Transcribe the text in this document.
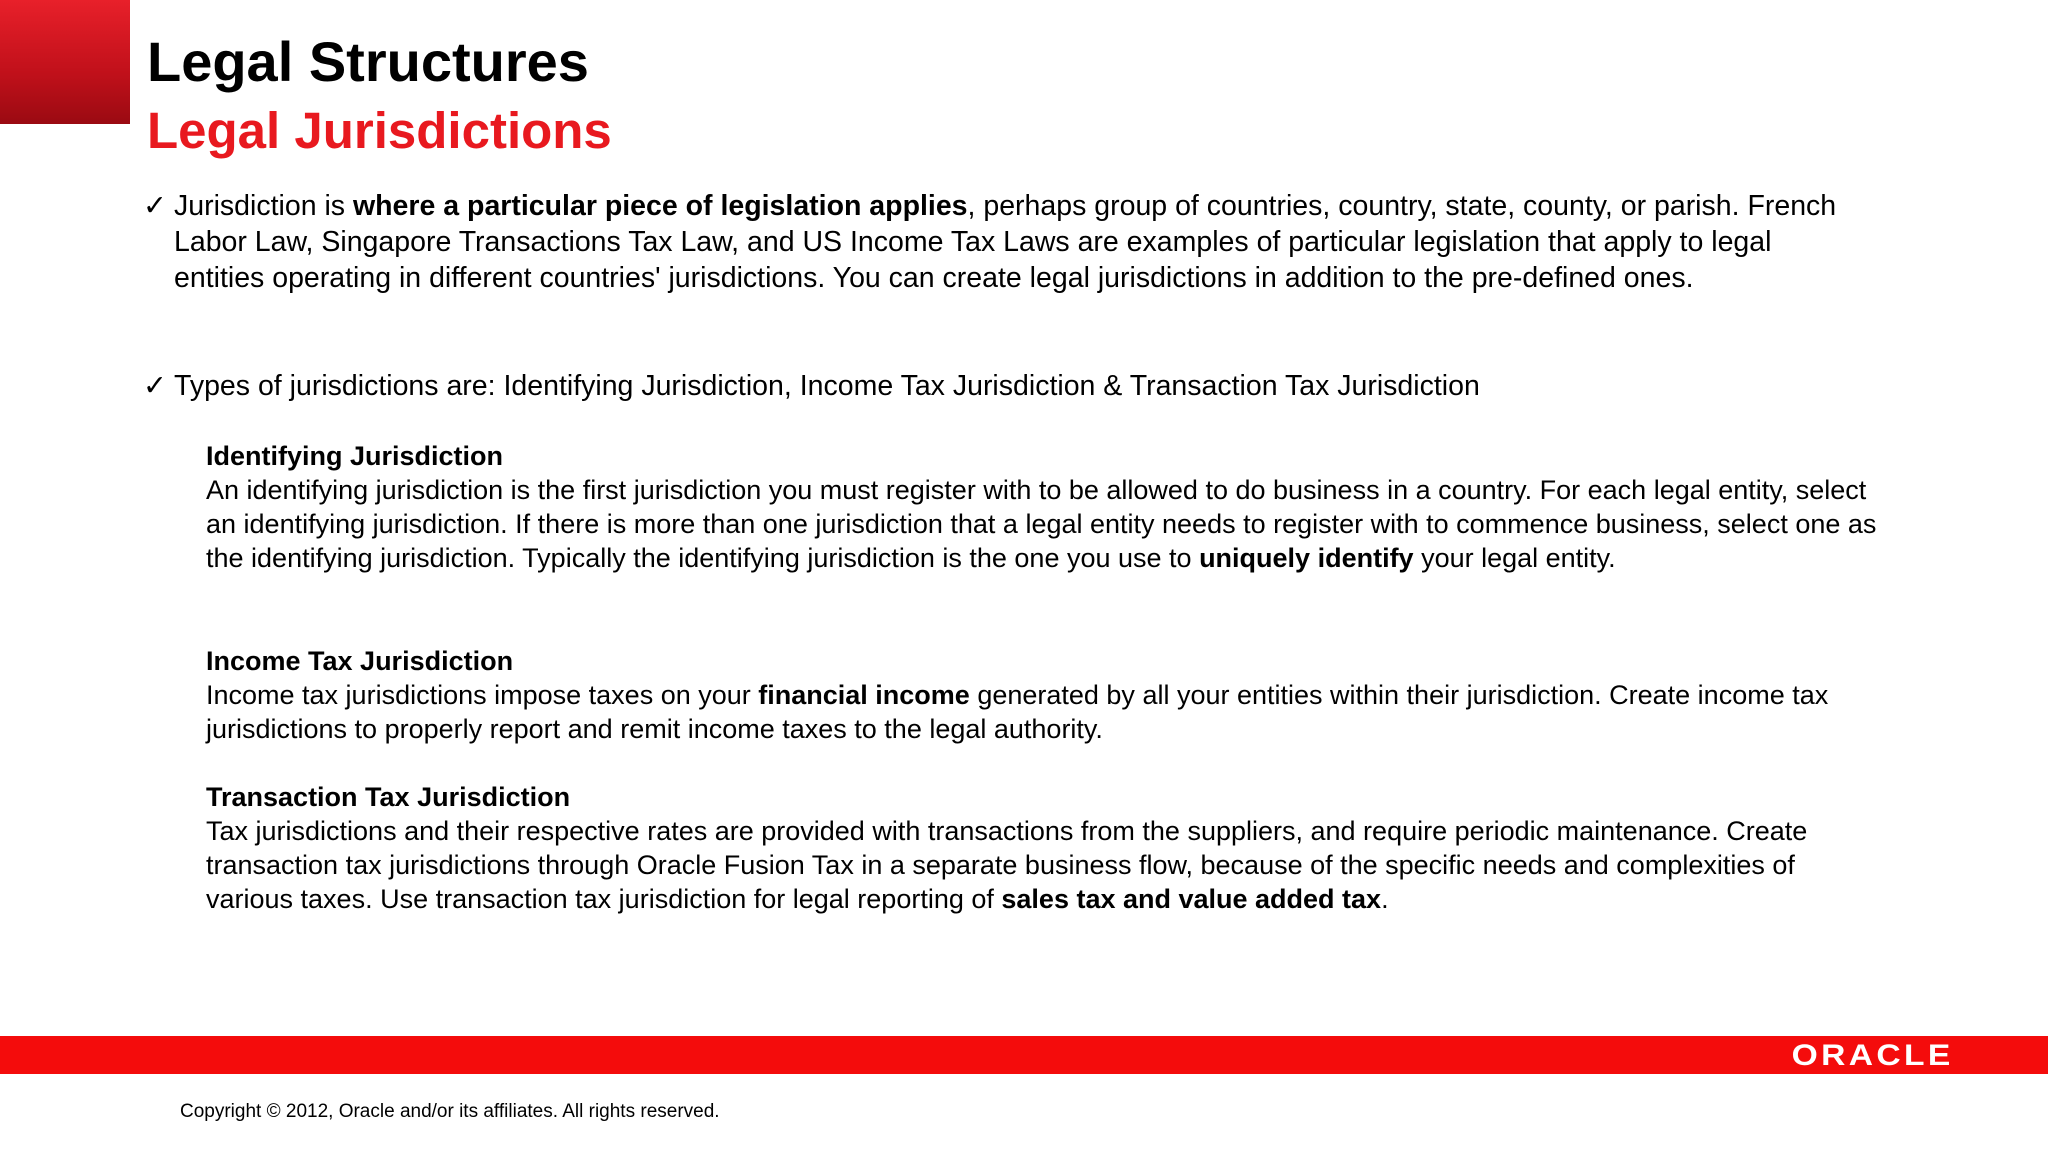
Legal Structures
Legal Jurisdictions
✓ Jurisdiction is where a particular piece of legislation applies, perhaps group of countries, country, state, county, or parish. French Labor Law, Singapore Transactions Tax Law, and US Income Tax Laws are examples of particular legislation that apply to legal entities operating in different countries' jurisdictions. You can create legal jurisdictions in addition to the pre-defined ones.
✓ Types of jurisdictions are: Identifying Jurisdiction, Income Tax Jurisdiction & Transaction Tax Jurisdiction
Identifying Jurisdiction
An identifying jurisdiction is the first jurisdiction you must register with to be allowed to do business in a country. For each legal entity, select an identifying jurisdiction. If there is more than one jurisdiction that a legal entity needs to register with to commence business, select one as the identifying jurisdiction. Typically the identifying jurisdiction is the one you use to uniquely identify your legal entity.
Income Tax Jurisdiction
Income tax jurisdictions impose taxes on your financial income generated by all your entities within their jurisdiction. Create income tax jurisdictions to properly report and remit income taxes to the legal authority.
Transaction Tax Jurisdiction
Tax jurisdictions and their respective rates are provided with transactions from the suppliers, and require periodic maintenance. Create transaction tax jurisdictions through Oracle Fusion Tax in a separate business flow, because of the specific needs and complexities of various taxes. Use transaction tax jurisdiction for legal reporting of sales tax and value added tax.
ORACLE
Copyright © 2012, Oracle and/or its affiliates. All rights reserved.
